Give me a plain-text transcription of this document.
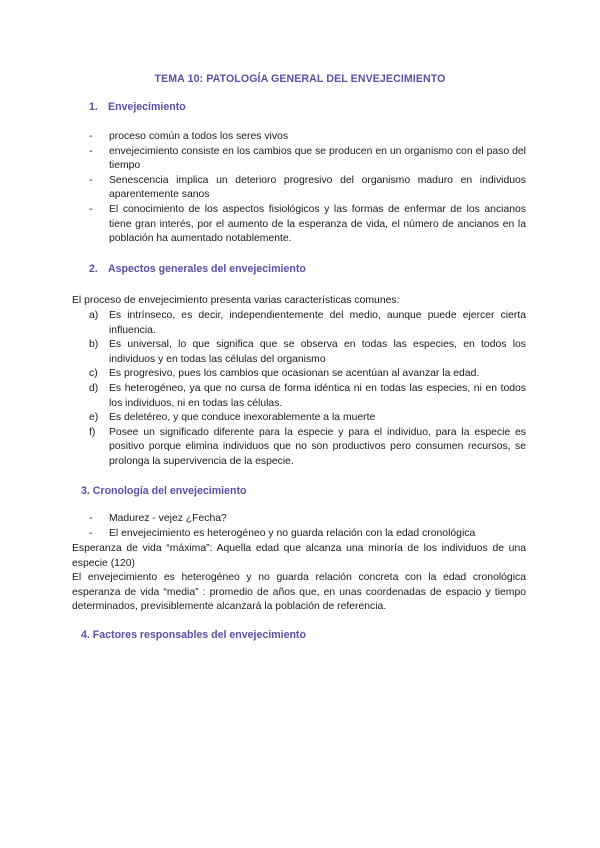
TEMA 10: PATOLOGÍA GENERAL DEL ENVEJECIMIENTO
1. Envejecimiento
- proceso común a todos los seres vivos
- envejecimiento consiste en los cambios que se producen en un organismo con el paso del tiempo
- Senescencia implica un deterioro progresivo del organismo maduro en individuos aparentemente sanos
- El conocimiento de los aspectos fisiológicos y las formas de enfermar de los ancianos tiene gran interés, por el aumento de la esperanza de vida, el número de ancianos en la población ha aumentado notablemente.
2. Aspectos generales del envejecimiento
El proceso de envejecimiento presenta varias características comunes:
a) Es intrínseco, es decir, independientemente del medio, aunque puede ejercer cierta influencia.
b) Es universal, lo que significa que se observa en todas las especies, en todos los individuos y en todas las células del organismo
c) Es progresivo, pues los cambios que ocasionan se acentúan al avanzar la edad.
d) Es heterogéneo, ya que no cursa de forma idéntica ni en todas las especies, ni en todos los individuos, ni en todas las células.
e) Es deletéreo, y que conduce inexorablemente a la muerte
f) Posee un significado diferente para la especie y para el individuo, para la especie es positivo porque elimina individuos que no son productivos pero consumen recursos, se prolonga la supervivencia de la especie.
3. Cronología del envejecimiento
- Madurez - vejez ¿Fecha?
- El envejecimiento es heterogéneo y no guarda relación con la edad cronológica
Esperanza de vida “máxima”: Aquella edad que alcanza una minoría de los individuos de una especie (120)
El envejecimiento es heterogéneo y no guarda relación concreta con la edad cronológica esperanza de vida “media” : promedio de años que, en unas coordenadas de espacio y tiempo determinados, previsiblemente alcanzará la población de referencia.
4. Factores responsables del envejecimiento
